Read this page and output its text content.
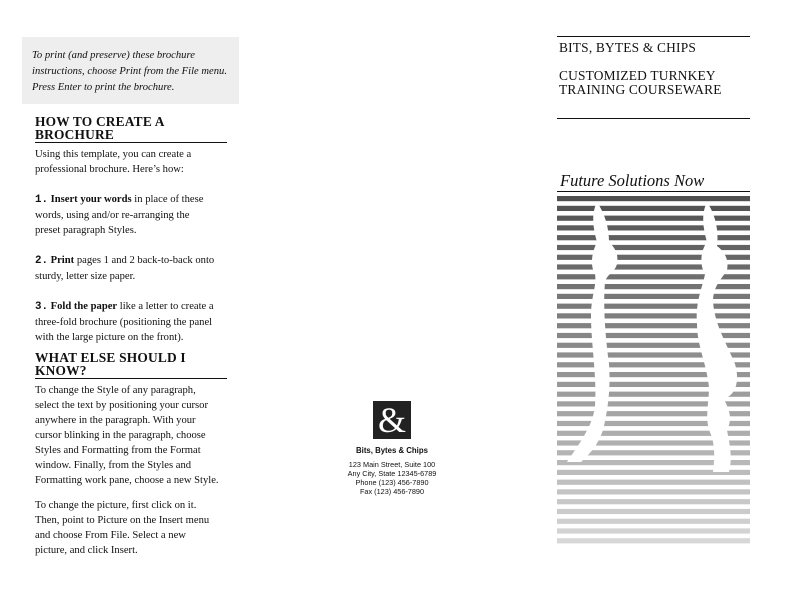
To print (and preserve) these brochure
instructions, choose Print from the File menu.
Press Enter to print the brochure.
HOW TO CREATE A
BROCHURE
Using this template, you can create a
professional brochure. Here’s how:
1. Insert your words in place of these
words, using and/or re-arranging the
preset paragraph Styles.
2. Print pages 1 and 2 back-to-back onto
sturdy, letter size paper.
3. Fold the paper like a letter to create a
three-fold brochure (positioning the panel
with the large picture on the front).
WHAT ELSE SHOULD I
KNOW?
To change the Style of any paragraph,
select the text by positioning your cursor
anywhere in the paragraph. With your
cursor blinking in the paragraph, choose
Styles and Formatting from the Format
window. Finally, from the Styles and
Formatting work pane, choose a new Style.
To change the picture, first click on it.
Then, point to Picture on the Insert menu
and choose From File. Select a new
picture, and click Insert.
&
Bits, Bytes & Chips
123 Main Street, Suite 100
Any City, State 12345-6789
Phone (123) 456-7890
Fax (123) 456-7890
BITS, BYTES & CHIPS
CUSTOMIZED TURNKEY
TRAINING COURSEWARE
Future Solutions Now
